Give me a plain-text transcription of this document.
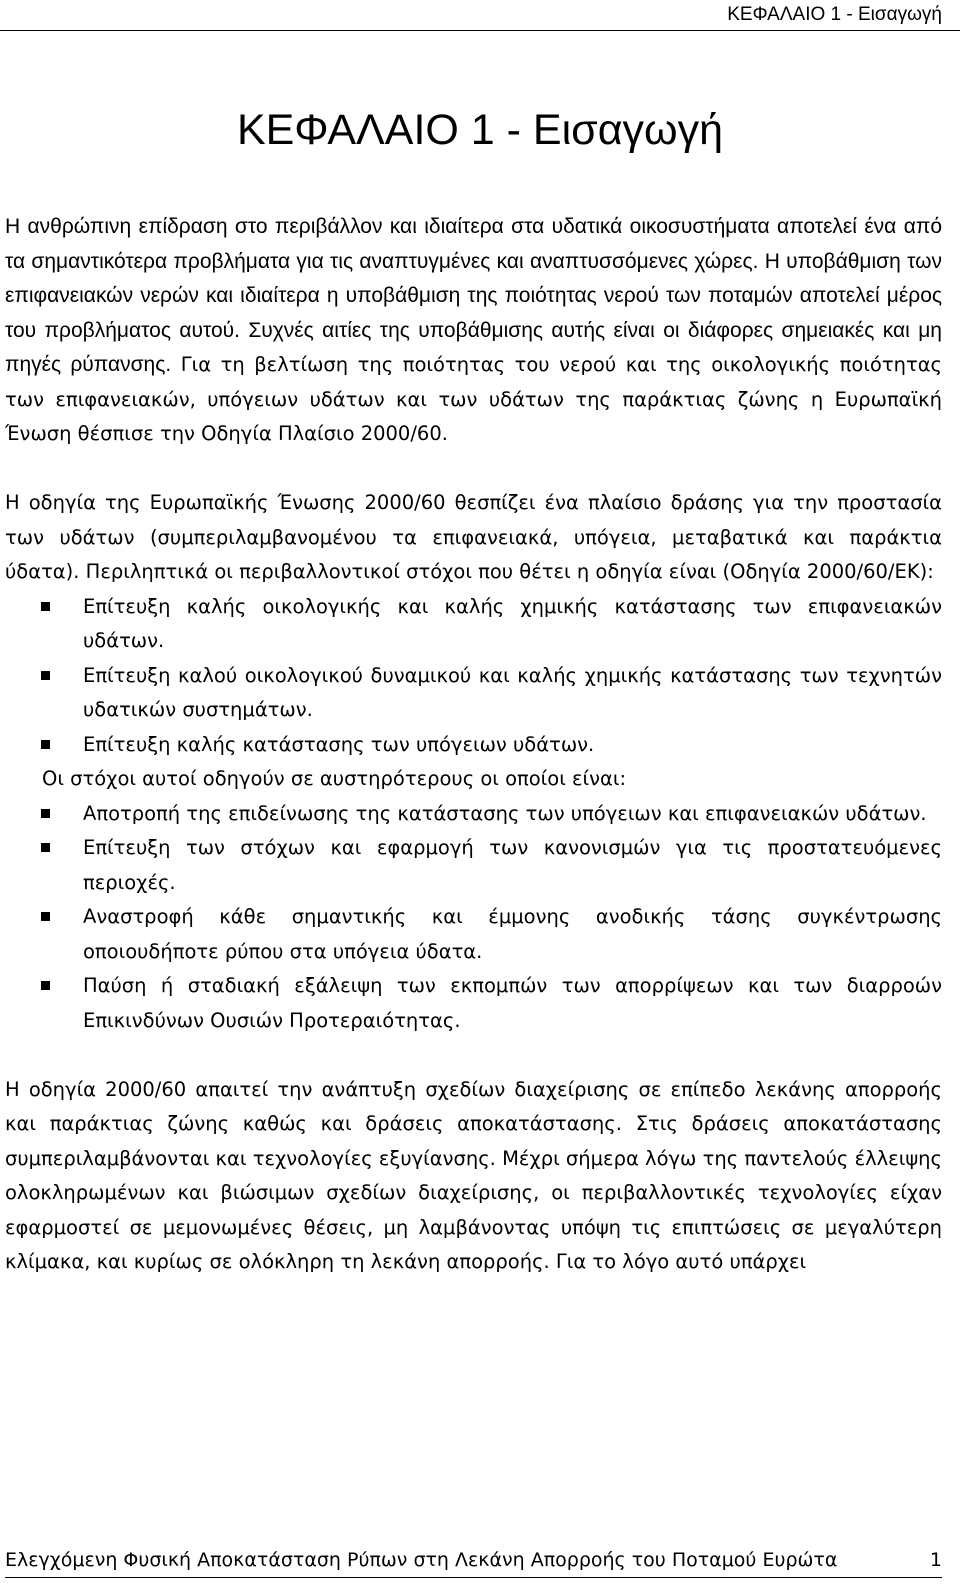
ΚΕΦΑΛΑΙΟ 1 - Εισαγωγή
ΚΕΦΑΛΑΙΟ 1 - Εισαγωγή

Η ανθρώπινη επίδραση στο περιβάλλον και ιδιαίτερα στα υδατικά οικοσυστήματα αποτελεί ένα από τα σημαντικότερα προβλήματα για τις αναπτυγμένες και αναπτυσσόμενες χώρες. Η υποβάθμιση των επιφανειακών νερών και ιδιαίτερα η υποβάθμιση της ποιότητας νερού των ποταμών αποτελεί μέρος του προβλήματος αυτού. Συχνές αιτίες της υποβάθμισης αυτής είναι οι διάφορες σημειακές και μη πηγές ρύπανσης. Για τη βελτίωση της ποιότητας του νερού και της οικολογικής ποιότητας των επιφανειακών, υπόγειων υδάτων και των υδάτων της παράκτιας ζώνης η Ευρωπαϊκή Ένωση θέσπισε την Οδηγία Πλαίσιο 2000/60.

Η οδηγία της Ευρωπαϊκής Ένωσης 2000/60 θεσπίζει ένα πλαίσιο δράσης για την προστασία των υδάτων (συμπεριλαμβανομένου τα επιφανειακά, υπόγεια, μεταβατικά και παράκτια ύδατα). Περιληπτικά οι περιβαλλοντικοί στόχοι που θέτει η οδηγία είναι (Οδηγία 2000/60/ΕΚ):

Επίτευξη καλής οικολογικής και καλής χημικής κατάστασης των επιφανειακών υδάτων.
Επίτευξη καλού οικολογικού δυναμικού και καλής χημικής κατάστασης των τεχνητών υδατικών συστημάτων.
Επίτευξη καλής κατάστασης των υπόγειων υδάτων.

Οι στόχοι αυτοί οδηγούν σε αυστηρότερους οι οποίοι είναι:

Αποτροπή της επιδείνωσης της κατάστασης των υπόγειων και επιφανειακών υδάτων.
Επίτευξη των στόχων και εφαρμογή των κανονισμών για τις προστατευόμενες περιοχές.
Αναστροφή κάθε σημαντικής και έμμονης ανοδικής τάσης συγκέντρωσης οποιουδήποτε ρύπου στα υπόγεια ύδατα.
Παύση ή σταδιακή εξάλειψη των εκπομπών των απορρίψεων και των διαρροών Επικινδύνων Ουσιών Προτεραιότητας.

Η οδηγία 2000/60 απαιτεί την ανάπτυξη σχεδίων διαχείρισης σε επίπεδο λεκάνης απορροής και παράκτιας ζώνης καθώς και δράσεις αποκατάστασης. Στις δράσεις αποκατάστασης συμπεριλαμβάνονται και τεχνολογίες εξυγίανσης. Μέχρι σήμερα λόγω της παντελούς έλλειψης ολοκληρωμένων και βιώσιμων σχεδίων διαχείρισης, οι περιβαλλοντικές τεχνολογίες είχαν εφαρμοστεί σε μεμονωμένες θέσεις, μη λαμβάνοντας υπόψη τις επιπτώσεις σε μεγαλύτερη κλίμακα, και κυρίως σε ολόκληρη τη λεκάνη απορροής. Για το λόγο αυτό υπάρχει

Ελεγχόμενη Φυσική Αποκατάσταση Ρύπων στη Λεκάνη Απορροής του Ποταμού Ευρώτα	1
